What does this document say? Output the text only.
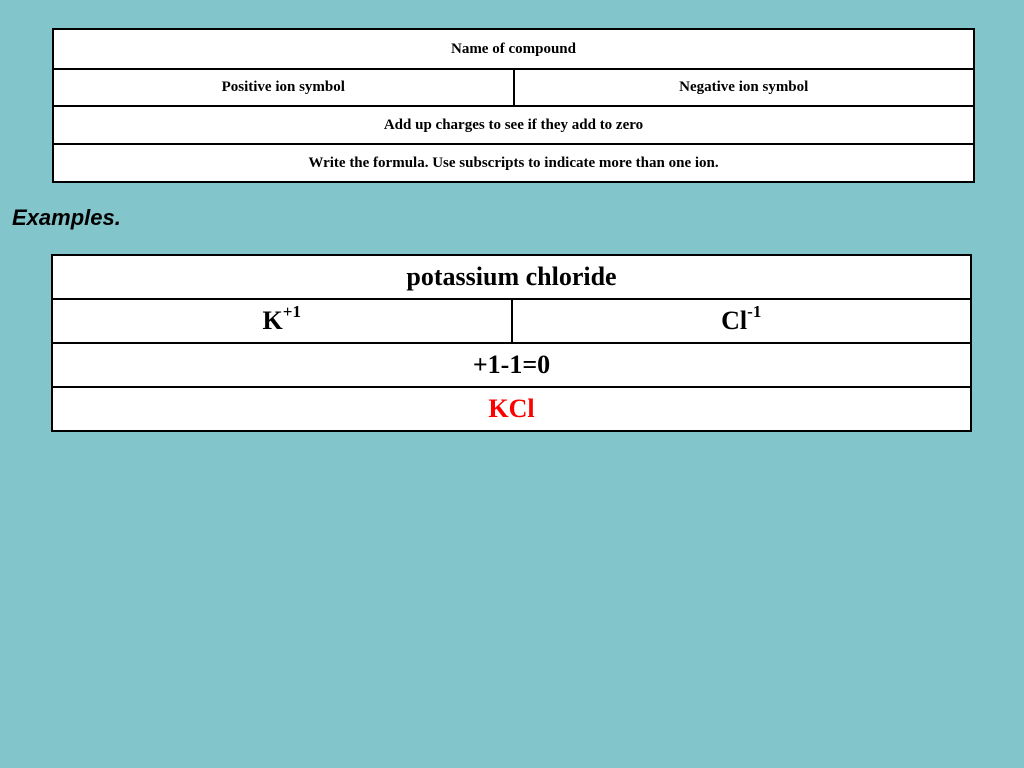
Name of compound
Positive ion symbol	Negative ion symbol
Add up charges to see if they add to zero
Write the formula. Use subscripts to indicate more than one ion.
Examples.
potassium chloride
$K^{+1}$	$Cl^{-1}$
+1-1=0
KCl
